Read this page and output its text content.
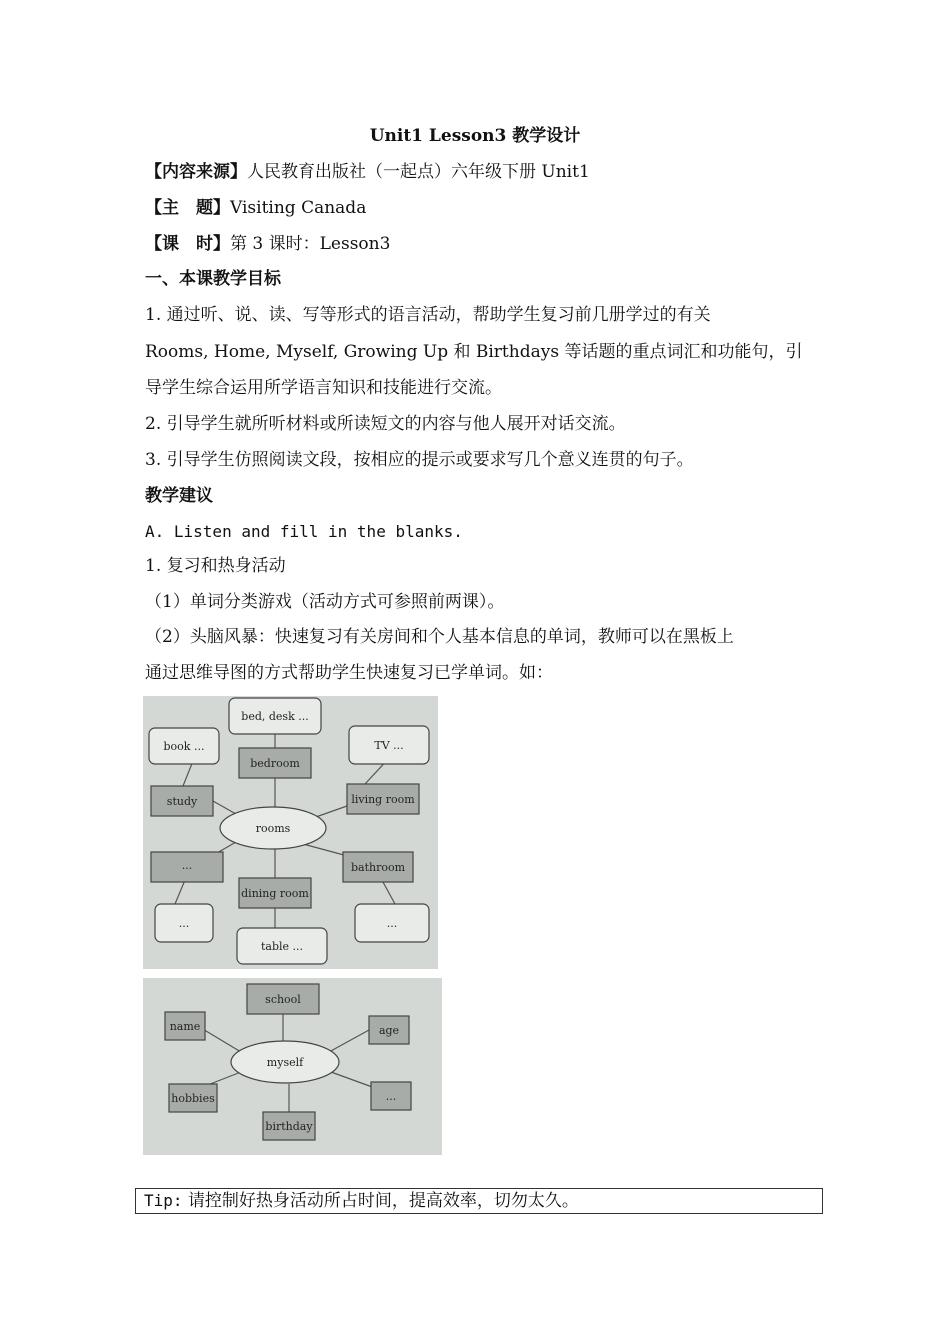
Unit1 Lesson3 教学设计
【内容来源】人民教育出版社（一起点）六年级下册 Unit1
【主　题】Visiting Canada
【课　时】第 3 课时：Lesson3
一、本课教学目标
1. 通过听、说、读、写等形式的语言活动，帮助学生复习前几册学过的有关
Rooms, Home, Myself, Growing Up 和 Birthdays 等话题的重点词汇和功能句，引
导学生综合运用所学语言知识和技能进行交流。
2. 引导学生就所听材料或所读短文的内容与他人展开对话交流。
3. 引导学生仿照阅读文段，按相应的提示或要求写几个意义连贯的句子。
教学建议
A. Listen and fill in the blanks.
1. 复习和热身活动
（1）单词分类游戏（活动方式可参照前两课）。
（2）头脑风暴：快速复习有关房间和个人基本信息的单词，教师可以在黑板上
通过思维导图的方式帮助学生快速复习已学单词。如：
bed, desk ...
bedroom
book ...
study
TV ...
living room
rooms
...	bathroom
dining room
...
table ...
...
school
name	age
myself
hobbies	...
birthday
Tip: 请控制好热身活动所占时间，提高效率，切勿太久。
